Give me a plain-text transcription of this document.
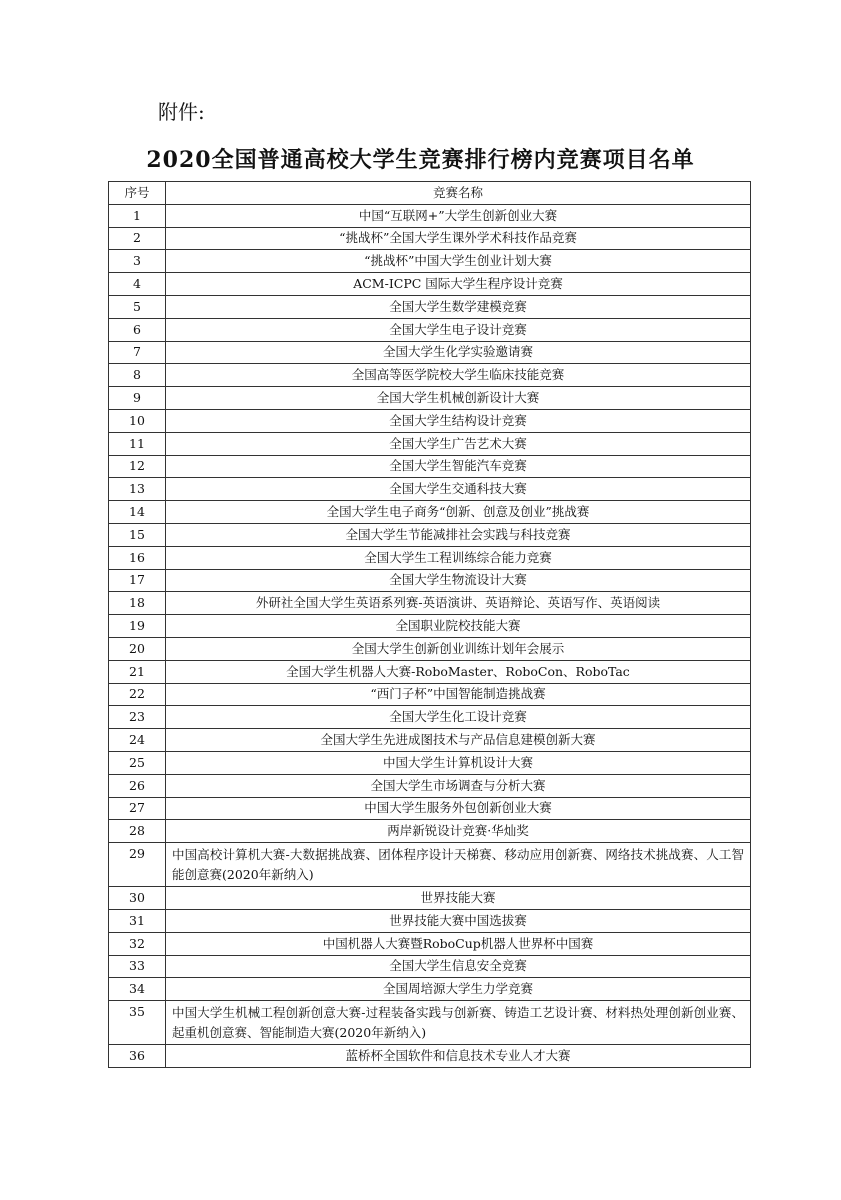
附件:
2020全国普通高校大学生竞赛排行榜内竞赛项目名单
序号	竞赛名称
1	中国“互联网+”大学生创新创业大赛
2	“挑战杯”全国大学生课外学术科技作品竞赛
3	“挑战杯”中国大学生创业计划大赛
4	ACM-ICPC 国际大学生程序设计竞赛
5	全国大学生数学建模竞赛
6	全国大学生电子设计竞赛
7	全国大学生化学实验邀请赛
8	全国高等医学院校大学生临床技能竞赛
9	全国大学生机械创新设计大赛
10	全国大学生结构设计竞赛
11	全国大学生广告艺术大赛
12	全国大学生智能汽车竞赛
13	全国大学生交通科技大赛
14	全国大学生电子商务“创新、创意及创业”挑战赛
15	全国大学生节能减排社会实践与科技竞赛
16	全国大学生工程训练综合能力竞赛
17	全国大学生物流设计大赛
18	外研社全国大学生英语系列赛-英语演讲、英语辩论、英语写作、英语阅读
19	全国职业院校技能大赛
20	全国大学生创新创业训练计划年会展示
21	全国大学生机器人大赛-RoboMaster、RoboCon、RoboTac
22	“西门子杯”中国智能制造挑战赛
23	全国大学生化工设计竞赛
24	全国大学生先进成图技术与产品信息建模创新大赛
25	中国大学生计算机设计大赛
26	全国大学生市场调查与分析大赛
27	中国大学生服务外包创新创业大赛
28	两岸新锐设计竞赛·华灿奖
29	中国高校计算机大赛-大数据挑战赛、团体程序设计天梯赛、移动应用创新赛、网络技术挑战赛、人工智能创意赛(2020年新纳入)
30	世界技能大赛
31	世界技能大赛中国选拔赛
32	中国机器人大赛暨RoboCup机器人世界杯中国赛
33	全国大学生信息安全竞赛
34	全国周培源大学生力学竞赛
35	中国大学生机械工程创新创意大赛-过程装备实践与创新赛、铸造工艺设计赛、材料热处理创新创业赛、起重机创意赛、智能制造大赛(2020年新纳入)
36	蓝桥杯全国软件和信息技术专业人才大赛
